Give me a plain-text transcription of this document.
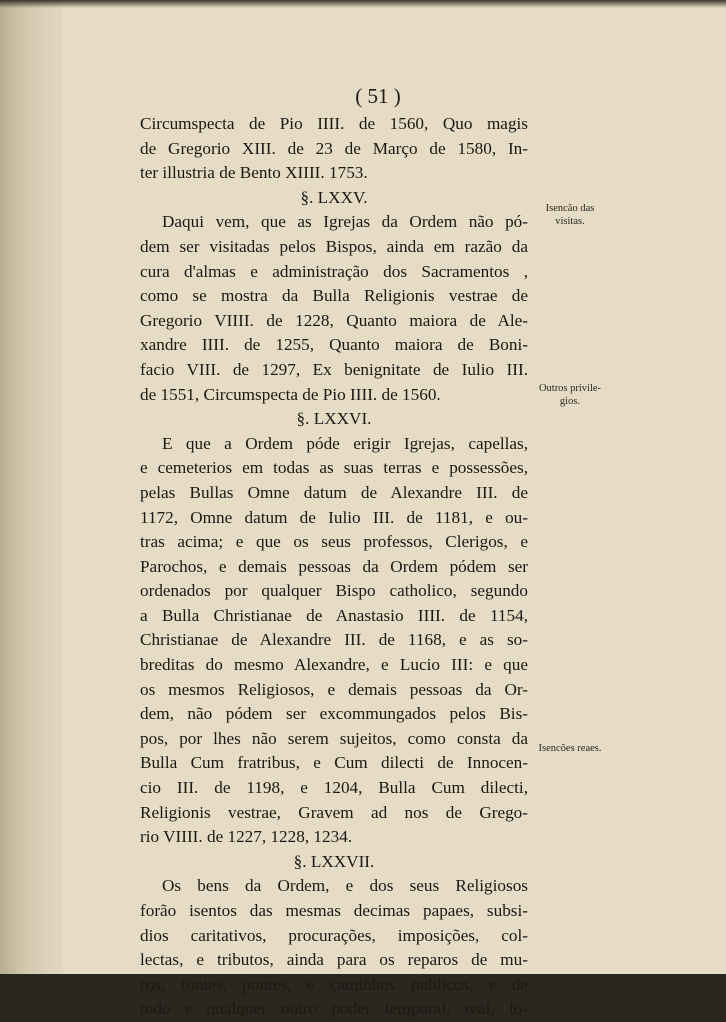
( 51 )
Circumspecta de Pio IIII. de 1560, Quo magis
de Gregorio XIII. de 23 de Março de 1580, In-
ter illustria de Bento XIIII. 1753.
§. LXXV.
Daqui vem, que as Igrejas da Ordem não pó-
dem ser visitadas pelos Bispos, ainda em razão da
cura d'almas e administração dos Sacramentos ,
como se mostra da Bulla Religionis vestrae de
Gregorio VIIII. de 1228, Quanto maiora de Ale-
xandre IIII. de 1255, Quanto maiora de Boni-
facio VIII. de 1297, Ex benignitate de Iulio III.
de 1551, Circumspecta de Pio IIII. de 1560.
§. LXXVI.
E que a Ordem póde erigir Igrejas, capellas,
e cemeterios em todas as suas terras e possessões,
pelas Bullas Omne datum de Alexandre III. de
1172, Omne datum de Iulio III. de 1181, e ou-
tras acima; e que os seus professos, Clerigos, e
Parochos, e demais pessoas da Ordem pódem ser
ordenados por qualquer Bispo catholico, segundo
a Bulla Christianae de Anastasio IIII. de 1154,
Christianae de Alexandre III. de 1168, e as so-
breditas do mesmo Alexandre, e Lucio III: e que
os mesmos Religiosos, e demais pessoas da Or-
dem, não pódem ser excommungados pelos Bis-
pos, por lhes não serem sujeitos, como consta da
Bulla Cum fratribus, e Cum dilecti de Innocen-
cio III. de 1198, e 1204, Bulla Cum dilecti,
Religionis vestrae, Gravem ad nos de Grego-
rio VIIII. de 1227, 1228, 1234.
§. LXXVII.
Os bens da Ordem, e dos seus Religiosos
forão isentos das mesmas decimas papaes, subsi-
dios caritativos, procurações, imposições, col-
lectas, e tributos, ainda para os reparos de mu-
ros, fontes, pontes, e caminhos publicos, e de
todo e qualquer outro poder temporal, real, lo-
Isencão das visitas.
Outros privile-gios.
Isencões reaes.
